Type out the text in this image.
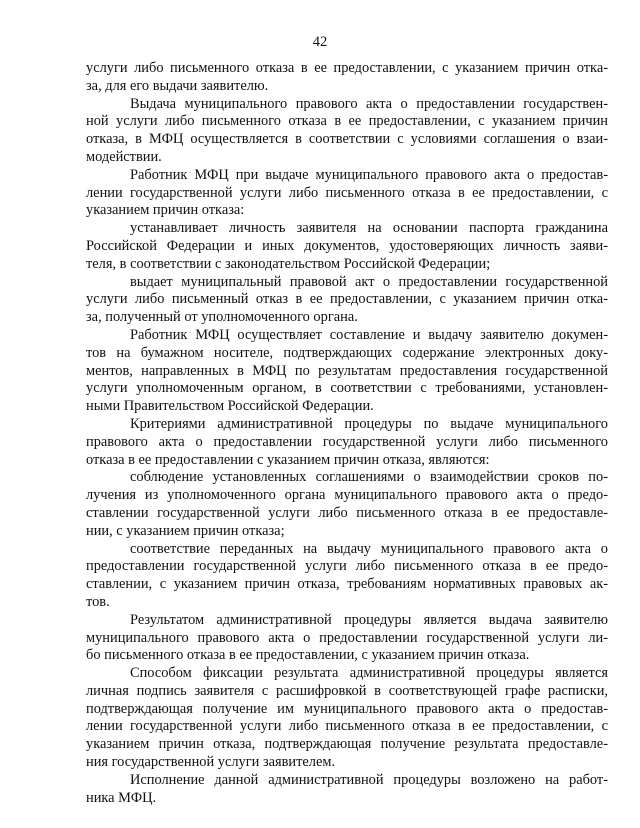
42
услуги либо письменного отказа в ее предоставлении, с указанием причин отка-
за, для его выдачи заявителю.
Выдача муниципального правового акта о предоставлении государствен-
ной услуги либо письменного отказа в ее предоставлении, с указанием причин
отказа, в МФЦ осуществляется в соответствии с условиями соглашения о взаи-
модействии.
Работник МФЦ при выдаче муниципального правового акта о предостав-
лении государственной услуги либо письменного отказа в ее предоставлении, с
указанием причин отказа:
устанавливает личность заявителя на основании паспорта гражданина
Российской Федерации и иных документов, удостоверяющих личность заяви-
теля, в соответствии с законодательством Российской Федерации;
выдает муниципальный правовой акт о предоставлении государственной
услуги либо письменный отказ в ее предоставлении, с указанием причин отка-
за, полученный от уполномоченного органа.
Работник МФЦ осуществляет составление и выдачу заявителю докумен-
тов на бумажном носителе, подтверждающих содержание электронных доку-
ментов, направленных в МФЦ по результатам предоставления государственной
услуги уполномоченным органом, в соответствии с требованиями, установлен-
ными Правительством Российской Федерации.
Критериями административной процедуры по выдаче муниципального
правового акта о предоставлении государственной услуги либо письменного
отказа в ее предоставлении с указанием причин отказа, являются:
соблюдение установленных соглашениями о взаимодействии сроков по-
лучения из уполномоченного органа муниципального правового акта о предо-
ставлении государственной услуги либо письменного отказа в ее предоставле-
нии, с указанием причин отказа;
соответствие переданных на выдачу муниципального правового акта о
предоставлении государственной услуги либо письменного отказа в ее предо-
ставлении, с указанием причин отказа, требованиям нормативных правовых ак-
тов.
Результатом административной процедуры является выдача заявителю
муниципального правового акта о предоставлении государственной услуги ли-
бо письменного отказа в ее предоставлении, с указанием причин отказа.
Способом фиксации результата административной процедуры является
личная подпись заявителя с расшифровкой в соответствующей графе расписки,
подтверждающая получение им муниципального правового акта о предостав-
лении государственной услуги либо письменного отказа в ее предоставлении, с
указанием причин отказа, подтверждающая получение результата предоставле-
ния государственной услуги заявителем.
Исполнение данной административной процедуры возложено на работ-
ника МФЦ.
